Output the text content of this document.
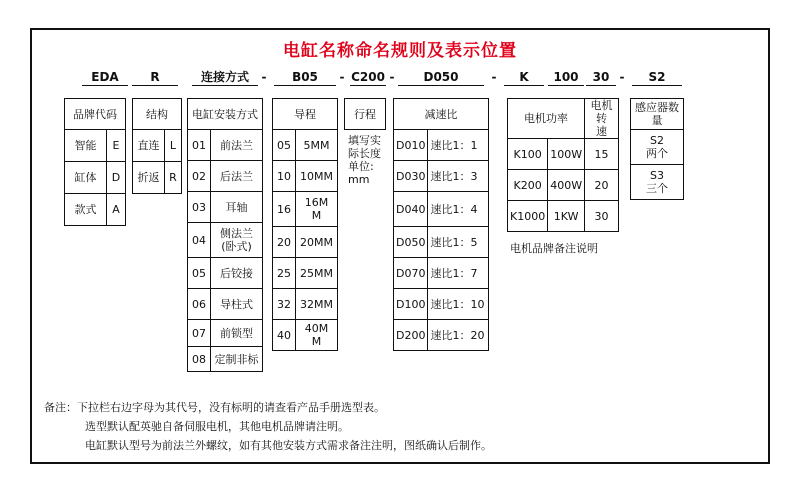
电缸名称命名规则及表示位置
EDA	R	连接方式	-	B05	- C200 -	D050	-	K	100	30 -	S2
品牌代码	
智能	E
缸体	D
款式	A
结构	
直连	L
折返	R
电缸安装方式	
01	前法兰
02	后法兰
03	耳轴
04	侧法兰
(卧式)
05	后铰接
06	导柱式
07	前锁型
08	定制非标
导程	
05	5MM
10	10MM
16	16M
M
20	20MM
25	25MM
32	32MM
40	40M
M
行程
填写实
际长度
单位:
mm
减速比	
D010	速比1：1
D030	速比1：3
D040	速比1：4
D050	速比1：5
D070	速比1：7
D100	速比1：10
D200	速比1：20
电机功率		电机转
速
K100	100W	15
K200	400W	20
K1000	1KW	30
电机品牌备注说明
感应器数
量
S2
两个
S3
三个
备注：下拉栏右边字母为其代号，没有标明的请查看产品手册选型表。
选型默认配英驰自备伺服电机，其他电机品牌请注明。
电缸默认型号为前法兰外螺纹，如有其他安装方式需求备注注明，图纸确认后制作。
